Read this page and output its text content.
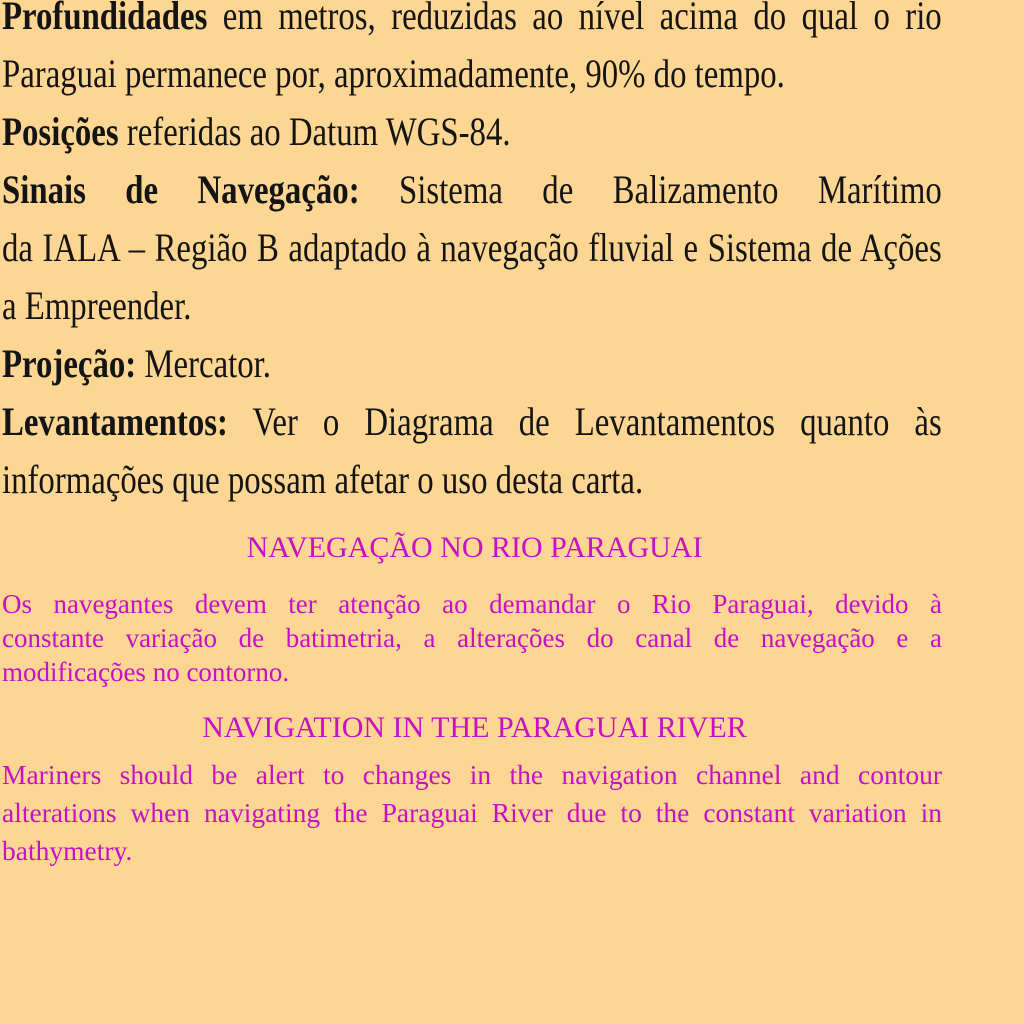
Profundidades em metros, reduzidas ao nível acima do qual o rio
Paraguai permanece por, aproximadamente, 90% do tempo.
Posições referidas ao Datum WGS-84.
Sinais de Navegação: Sistema de Balizamento Marítimo
da IALA – Região B adaptado à navegação fluvial e Sistema de Ações
a Empreender.
Projeção: Mercator.
Levantamentos: Ver o Diagrama de Levantamentos quanto às
informações que possam afetar o uso desta carta.
NAVEGAÇÃO NO RIO PARAGUAI
Os navegantes devem ter atenção ao demandar o Rio Paraguai, devido à
constante variação de batimetria, a alterações do canal de navegação e a
modificações no contorno.
NAVIGATION IN THE PARAGUAI RIVER
Mariners should be alert to changes in the navigation channel and contour
alterations when navigating the Paraguai River due to the constant variation in
bathymetry.
